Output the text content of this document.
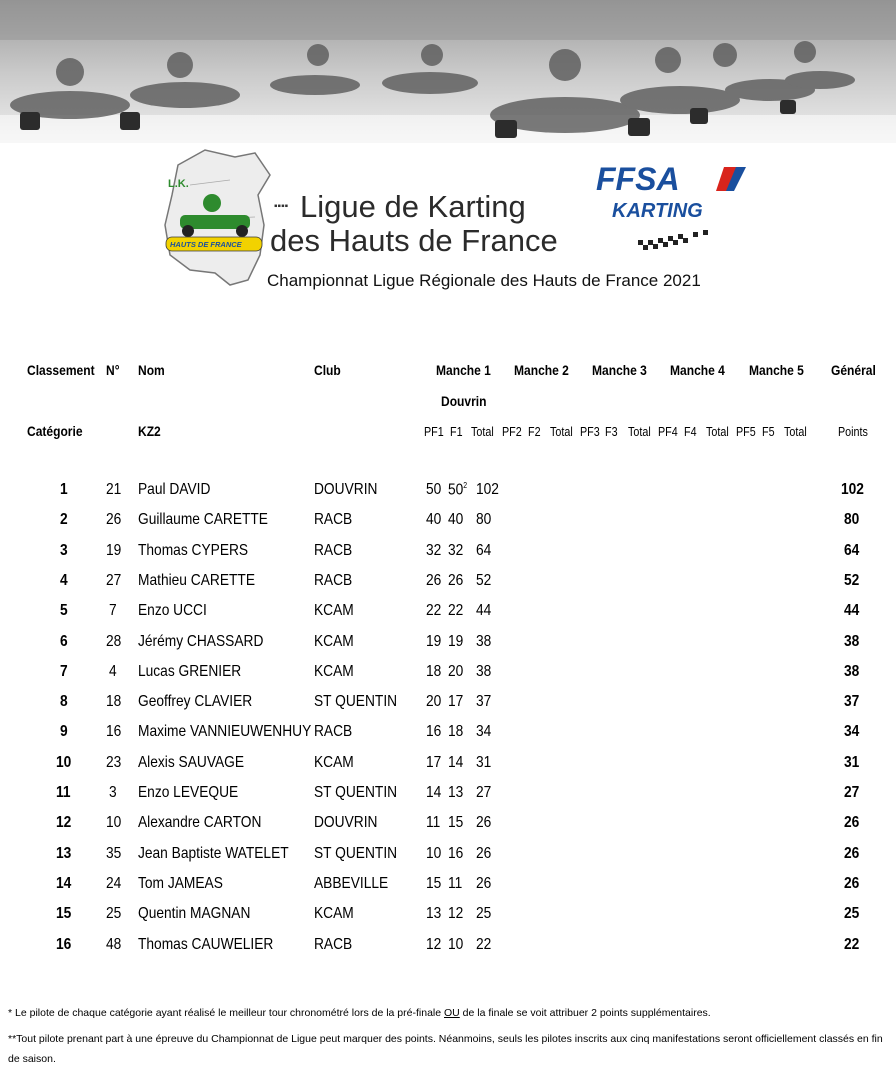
L.K.
HAUTS DE FRANCE
▪▪▪▪ Ligue de Karting
des Hauts de France
FFSA
KARTING
Championnat Ligue Régionale des Hauts de France 2021
Classement N° Nom	Club	Manche 1 Manche 2 Manche 3 Manche 4 Manche 5 Général
Douvrin
Catégorie	KZ2	Points
PF1 F1 Total PF2 F2 Total PF3 F3 Total PF4 F4 Total PF5 F5 Total
1 21 Paul DAVID	DOUVRIN	50 $50^2$ 102	102
2 26 Guillaume CARETTE	RACB	40 40 80	80
3 19 Thomas CYPERS	RACB	32 32 64	64
4 27 Mathieu CARETTE	RACB	26 26 52	52
5	7 Enzo UCCI	KCAM	22 22 44	44
6 28 Jérémy CHASSARD	KCAM	19 19 38	38
7	4 Lucas GRENIER	KCAM	18 20 38	38
8 18 Geoffrey CLAVIER	ST QUENTIN 20 17 37	37
9 16 Maxime VANNIEUWENHUY RACB	16 18 34	34
10 23 Alexis SAUVAGE	KCAM	17 14 31	31
11 3 Enzo LEVEQUE	ST QUENTIN 14 13 27	27
12 10 Alexandre CARTON	DOUVRIN	11 15 26	26
13 35 Jean Baptiste WATELET ST QUENTIN 10 16 26	26
14 24 Tom JAMEAS	ABBEVILLE 15 11 26	26
15 25 Quentin MAGNAN	KCAM	13 12 25	25
16 48 Thomas CAUWELIER	RACB	12 10 22	22
* Le pilote de chaque catégorie ayant réalisé le meilleur tour chronométré lors de la pré-finale OU de la finale se voit attribuer 2 points supplémentaires.
**Tout pilote prenant part à une épreuve du Championnat de Ligue peut marquer des points. Néanmoins, seuls les pilotes inscrits aux cinq manifestations seront officiellement classés en fin de saison.
